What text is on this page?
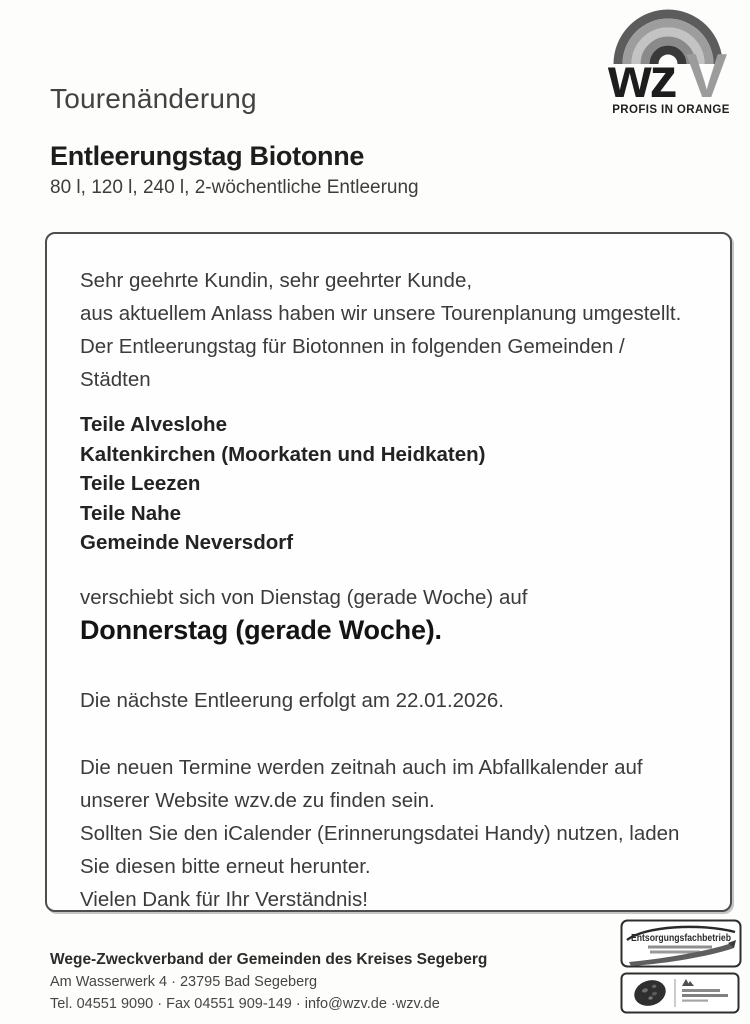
V
wz
PROFIS IN ORANGE
Tourenänderung
Entleerungstag Biotonne
80 l, 120 l, 240 l, 2-wöchentliche Entleerung
Sehr geehrte Kundin, sehr geehrter Kunde,
aus aktuellem Anlass haben wir unsere Tourenplanung umgestellt.
Der Entleerungstag für Biotonnen in folgenden Gemeinden /
Städten
Teile Alveslohe
Kaltenkirchen (Moorkaten und Heidkaten)
Teile Leezen
Teile Nahe
Gemeinde Neversdorf
verschiebt sich von Dienstag (gerade Woche) auf
Donnerstag (gerade Woche).
Die nächste Entleerung erfolgt am 22.01.2026.
Die neuen Termine werden zeitnah auch im Abfallkalender auf
unserer Website wzv.de zu finden sein.
Sollten Sie den iCalender (Erinnerungsdatei Handy) nutzen, laden
Sie diesen bitte erneut herunter.
Vielen Dank für Ihr Verständnis!
Wege-Zweckverband der Gemeinden des Kreises Segeberg
Am Wasserwerk 4 · 23795 Bad Segeberg
Tel. 04551 9090 · Fax 04551 909-149 · info@wzv.de ·wzv.de
Entsorgungsfachbetrieb
